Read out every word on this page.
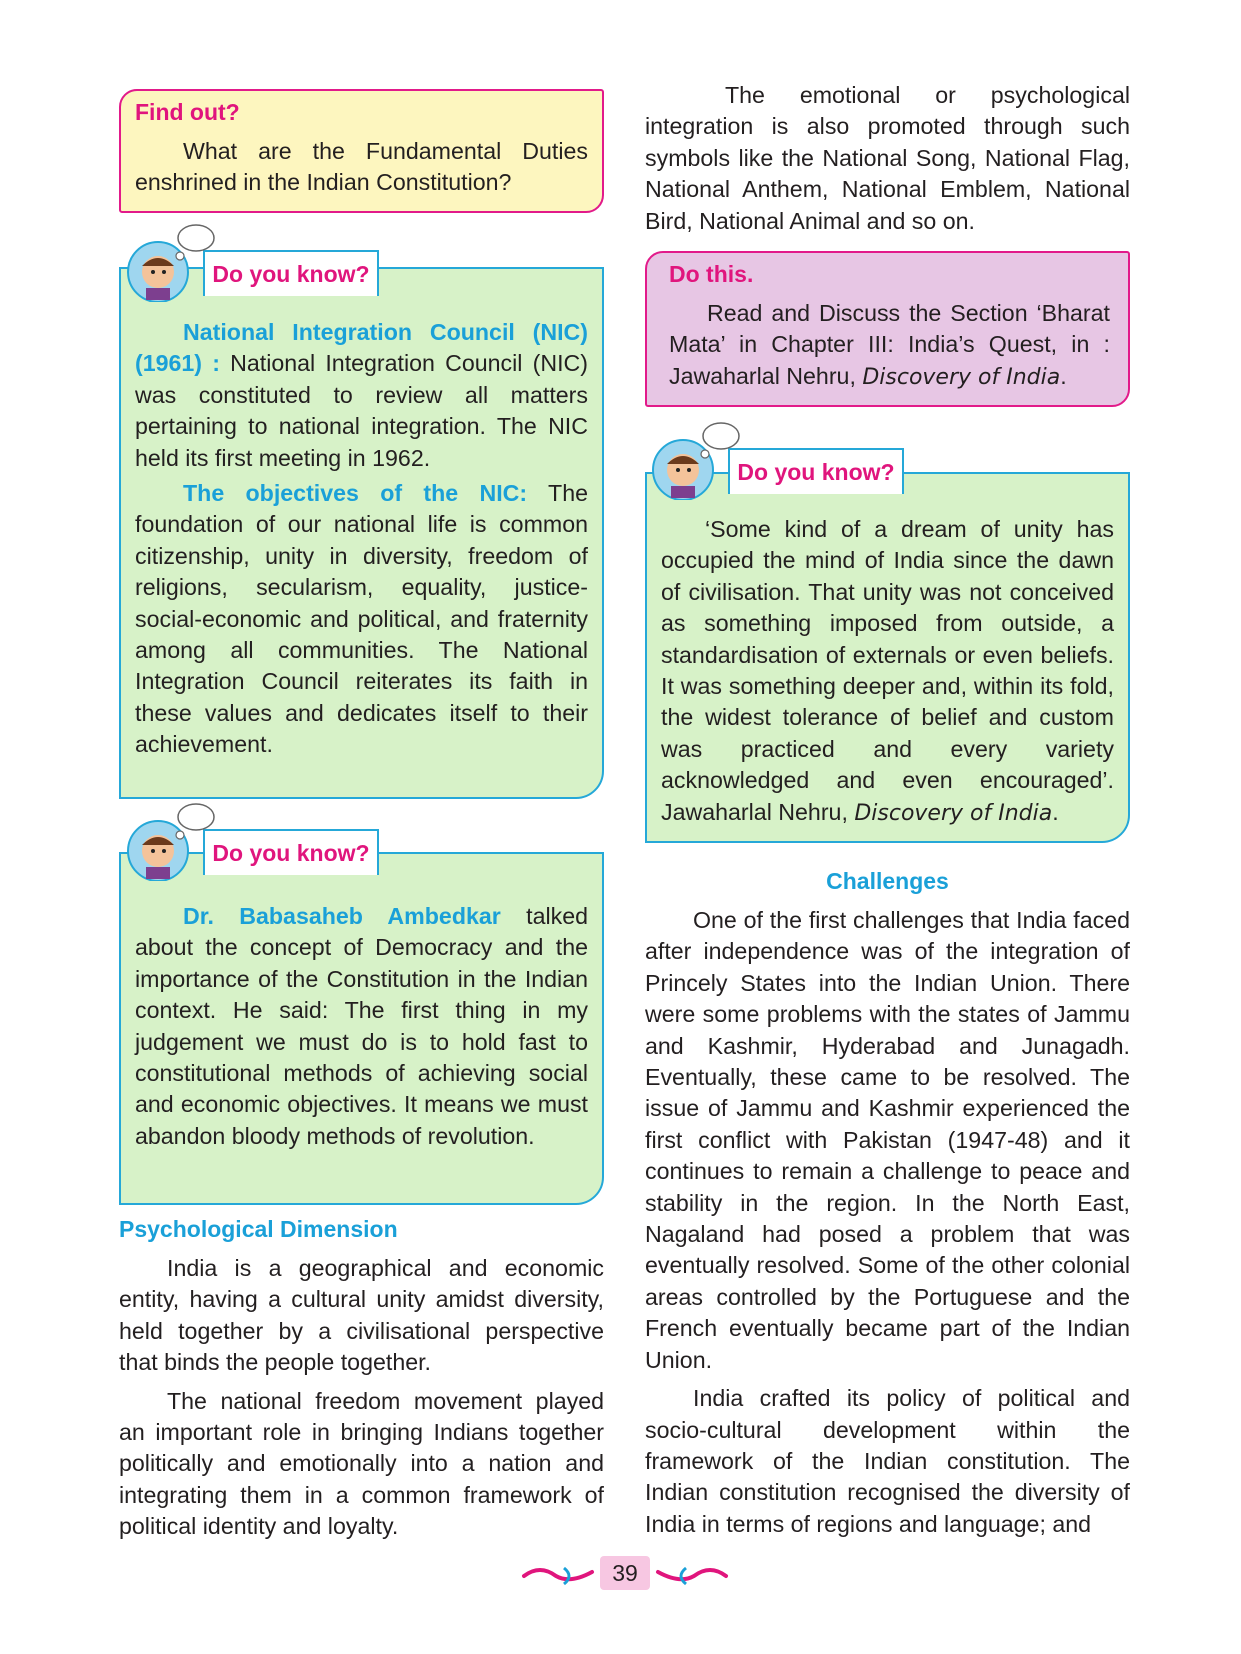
Find out?

What are the Fundamental Duties enshrined in the Indian Constitution?

National Integration Council (NIC) (1961) : National Integration Council (NIC) was constituted to review all matters pertaining to national integration. The NIC held its first meeting in 1962.

The objectives of the NIC: The foundation of our national life is common citizenship, unity in diversity, freedom of religions, secularism, equality, justice-social-economic and political, and fraternity among all communities. The National Integration Council reiterates its faith in these values and dedicates itself to their achievement.

Do you know?

Dr. Babasaheb Ambedkar talked about the concept of Democracy and the importance of the Constitution in the Indian context. He said: The first thing in my judgement we must do is to hold fast to constitutional methods of achieving social and economic objectives. It means we must abandon bloody methods of revolution.

Do you know?
Psychological Dimension

India is a geographical and economic entity, having a cultural unity amidst diversity, held together by a civilisational perspective that binds the people together.

The national freedom movement played an important role in bringing Indians together politically and emotionally into a nation and integrating them in a common framework of political identity and loyalty.

The emotional or psychological integration is also promoted through such symbols like the National Song, National Flag, National Anthem, National Emblem, National Bird, National Animal and so on.

Do this.

Read and Discuss the Section ‘Bharat Mata’ in Chapter III: India’s Quest, in : Jawaharlal Nehru, Discovery of India.

‘Some kind of a dream of unity has occupied the mind of India since the dawn of civilisation. That unity was not conceived as something imposed from outside, a standardisation of externals or even beliefs. It was something deeper and, within its fold, the widest tolerance of belief and custom was practiced and every variety acknowledged and even encouraged’. Jawaharlal Nehru, Discovery of India.

Do you know?
Challenges

One of the first challenges that India faced after independence was of the integration of Princely States into the Indian Union. There were some problems with the states of Jammu and Kashmir, Hyderabad and Junagadh. Eventually, these came to be resolved. The issue of Jammu and Kashmir experienced the first conflict with Pakistan (1947-48) and it continues to remain a challenge to peace and stability in the region. In the North East, Nagaland had posed a problem that was eventually resolved. Some of the other colonial areas controlled by the Portuguese and the French eventually became part of the Indian Union.

India crafted its policy of political and socio-cultural development within the framework of the Indian constitution. The Indian constitution recognised the diversity of India in terms of regions and language; and

39
